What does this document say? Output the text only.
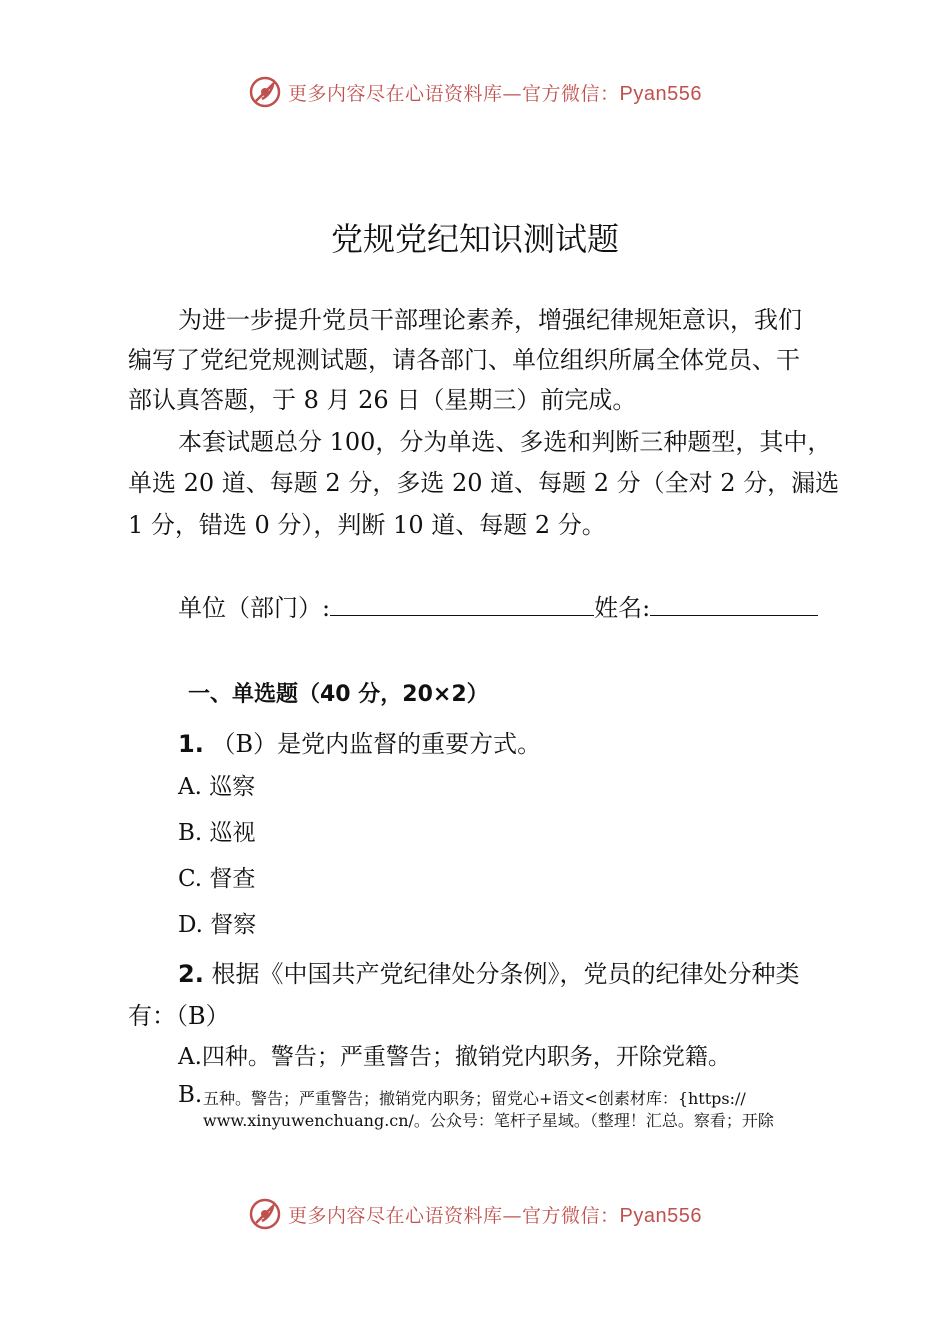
更多内容尽在心语资料库—官方微信：Pyan556
党规党纪知识测试题
为进一步提升党员干部理论素养，增强纪律规矩意识，我们
编写了党纪党规测试题，请各部门、单位组织所属全体党员、干
部认真答题，于 8 月 26 日（星期三）前完成。
本套试题总分 100，分为单选、多选和判断三种题型，其中，
单选 20 道、每题 2 分，多选 20 道、每题 2 分（全对 2 分，漏选
1 分，错选 0 分），判断 10 道、每题 2 分。
单位（部门）:	姓名:
一、单选题（40 分，20×2）
1. （B）是党内监督的重要方式。
A. 巡察
B. 巡视
C. 督查
D. 督察
2. 根据《中国共产党纪律处分条例》，党员的纪律处分种类
有：（B）
A.四种。警告；严重警告；撤销党内职务，开除党籍。
B. 五种。警告；严重警告；撤销党内职务；留党心+语文<创素材库：{https://
www.xinyuwenchuang.cn/。公众号：笔杆子星域。（整理！汇总。察看；开除
更多内容尽在心语资料库—官方微信：Pyan556
